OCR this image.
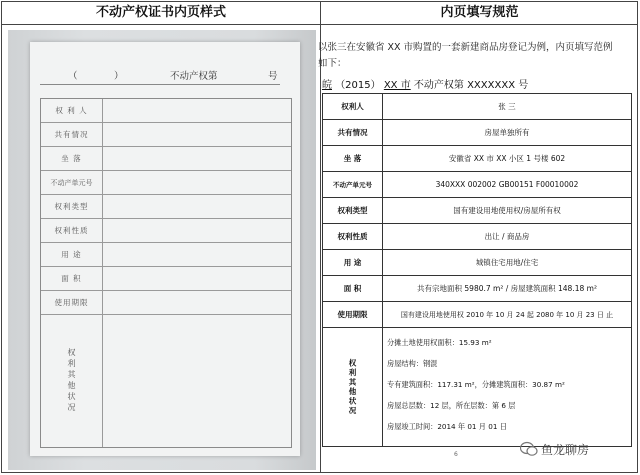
不动产权证书内页样式	内页填写规范
（	）	不动产权第	号
权 利 人
共有情况
坐 落
不动产单元号
权利类型
权利性质
用 途
面 积
使用期限
权利其他状况
以张三在安徽省 XX 市购置的一套新建商品房登记为例，内页填写范例如下：
皖 （2015） XX 市 不动产权第 XXXXXXX 号
权利人	张 三
共有情况	房屋单独所有
坐 落	安徽省 XX 市 XX 小区 1 号楼 602
不动产单元号	340XXX 002002 GB00151 F00010002
权利类型	国有建设用地使用权/房屋所有权
权利性质	出让 / 商品房
用 途	城镇住宅用地/住宅
面 积	共有宗地面积 5980.7 m² / 房屋建筑面积 148.18 m²
使用期限	国有建设用地使用权 2010 年 10 月 24 起 2080 年 10 月 23 日 止
权利其他状况
分摊土地使用权面积：15.93 m²
房屋结构：钢混
专有建筑面积：117.31 m²，分摊建筑面积：30.87 m²
房屋总层数：12 层，所在层数：第 6 层
房屋竣工时间：2014 年 01 月 01 日
6	鱼龙聊房
